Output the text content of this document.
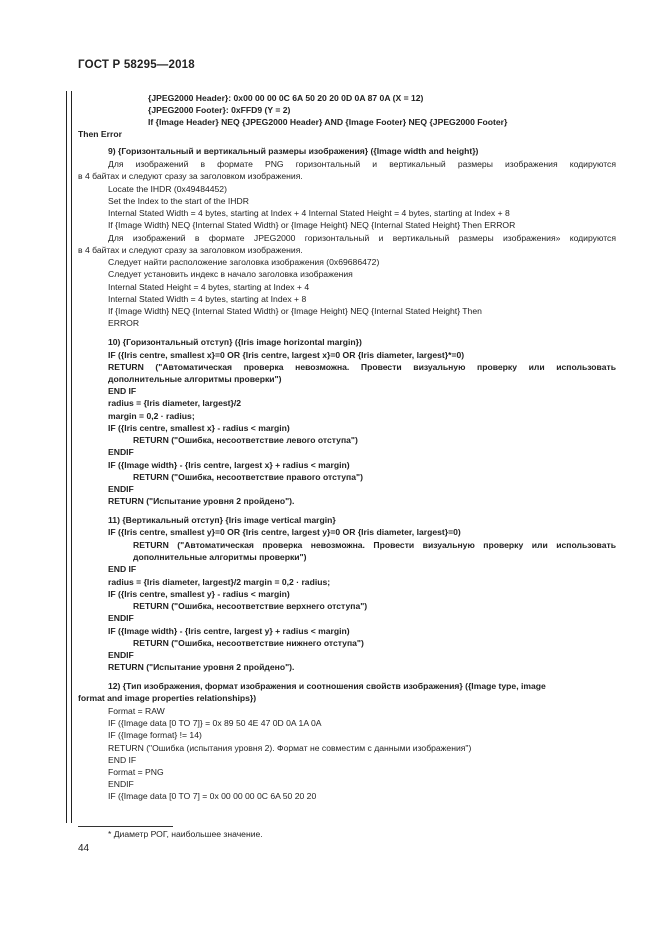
ГОСТ Р 58295—2018
{JPEG2000 Header}: 0x00 00 00 0C 6A 50 20 20 0D 0A 87 0A (X = 12)
{JPEG2000 Footer}: 0xFFD9 (Y = 2)
If {Image Header} NEQ {JPEG2000 Header} AND {Image Footer} NEQ {JPEG2000 Footer}
Then Error
9) {Горизонтальный и вертикальный размеры изображения} ({Image width and height})
Для изображений в формате PNG горизонтальный и вертикальный размеры изображения кодируются
в 4 байтах и следуют сразу за заголовком изображения.
Locate the IHDR (0x49484452)
Set the Index to the start of the IHDR
Internal Stated Width = 4 bytes, starting at Index + 4 Internal Stated Height = 4 bytes, starting at Index + 8
If {Image Width} NEQ {Internal Stated Width} or {Image Height} NEQ {Internal Stated Height} Then ERROR
Для изображений в формате JPEG2000 горизонтальный и вертикальный размеры изображения» кодируются
в 4 байтах и следуют сразу за заголовком изображения.
Следует найти расположение заголовка изображения (0x69686472)
Следует установить индекс в начало заголовка изображения
Internal Stated Height = 4 bytes, starting at Index + 4
Internal Stated Width = 4 bytes, starting at Index + 8
If {Image Width} NEQ {Internal Stated Width} or {Image Height} NEQ {Internal Stated Height} Then
ERROR
10) {Горизонтальный отступ} ({Iris image horizontal margin})
IF ({Iris centre, smallest x}=0 OR {Iris centre, largest x}=0 OR {Iris diameter, largest}*=0)
RETURN ("Автоматическая проверка невозможна. Провести визуальную проверку или использовать
дополнительные алгоритмы проверки")
END IF
radius = {Iris diameter, largest}/2
margin = 0,2 · radius;
IF ({Iris centre, smallest x} - radius < margin)
RETURN ("Ошибка, несоответствие левого отступа")
ENDIF
IF ({Image width} - {Iris centre, largest x} + radius < margin)
RETURN ("Ошибка, несоответствие правого отступа")
ENDIF
RETURN ("Испытание уровня 2 пройдено").
11) {Вертикальный отступ} {Iris image vertical margin}
IF ({Iris centre, smallest y}=0 OR {Iris centre, largest y}=0 OR {Iris diameter, largest}=0)
RETURN ("Автоматическая проверка невозможна. Провести визуальную проверку или использовать
дополнительные алгоритмы проверки")
END IF
radius = {Iris diameter, largest}/2 margin = 0,2 · radius;
IF ({Iris centre, smallest y} - radius < margin)
RETURN ("Ошибка, несоответствие верхнего отступа")
ENDIF
IF ({Image width} - {Iris centre, largest y} + radius < margin)
RETURN ("Ошибка, несоответствие нижнего отступа")
ENDIF
RETURN ("Испытание уровня 2 пройдено").
12) {Тип изображения, формат изображения и соотношения свойств изображения} ({Image type, image
format and image properties relationships})
Format = RAW
IF ({Image data [0 TO 7]} = 0x 89 50 4E 47 0D 0A 1A 0A
IF ({Image format} != 14)
RETURN ("Ошибка (испытания уровня 2). Формат не совместим с данными изображения")
END IF
Format = PNG
ENDIF
IF ({Image data [0 TO 7] = 0x 00 00 00 0C 6A 50 20 20
* Диаметр РОГ, наибольшее значение.
44
